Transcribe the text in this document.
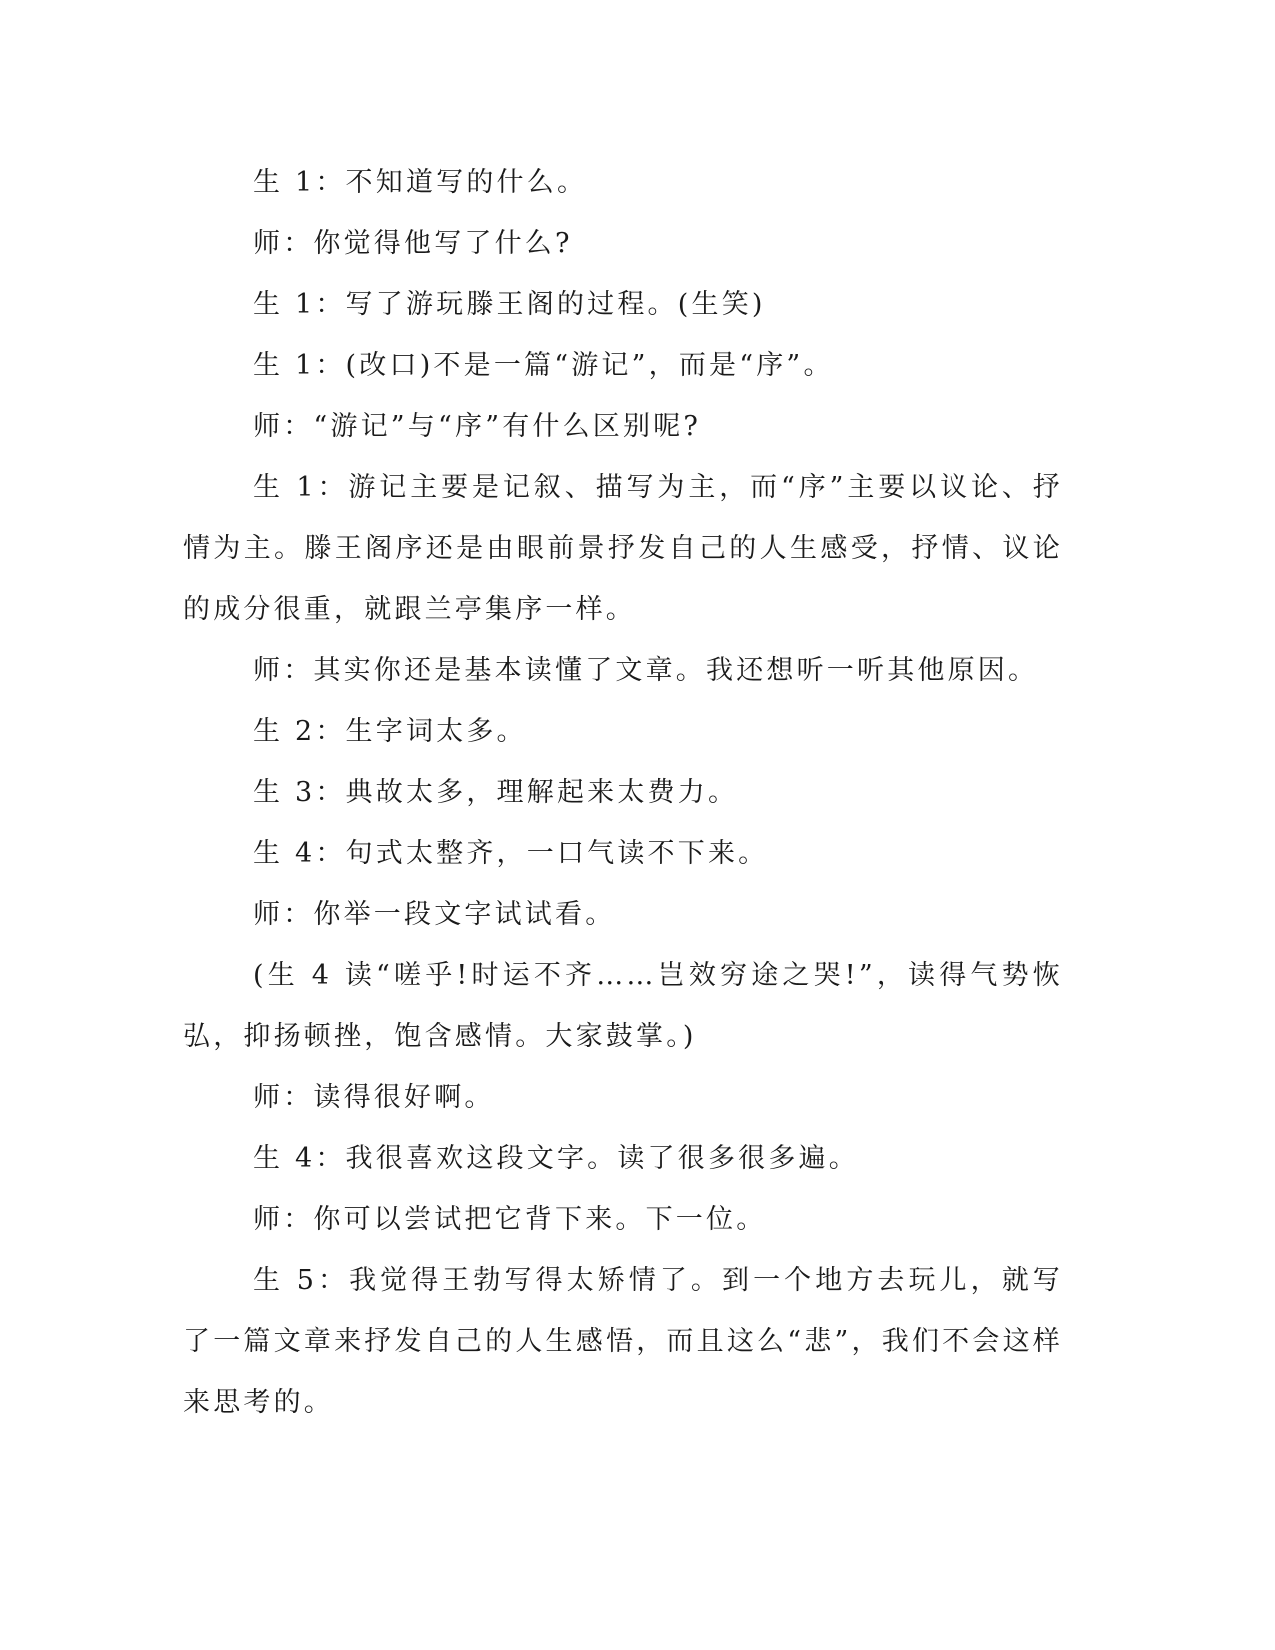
生 1：不知道写的什么。

师：你觉得他写了什么?

生 1：写了游玩滕王阁的过程。(生笑)

生 1：(改口)不是一篇“游记”，而是“序”。

师：“游记”与“序”有什么区别呢?

生 1：游记主要是记叙、描写为主，而“序”主要以议论、抒情为主。滕王阁序还是由眼前景抒发自己的人生感受，抒情、议论的成分很重，就跟兰亭集序一样。

师：其实你还是基本读懂了文章。我还想听一听其他原因。

生 2：生字词太多。

生 3：典故太多，理解起来太费力。

生 4：句式太整齐，一口气读不下来。

师：你举一段文字试试看。

(生 4 读“嗟乎!时运不齐……岂效穷途之哭!”，读得气势恢弘，抑扬顿挫，饱含感情。大家鼓掌。)

师：读得很好啊。

生 4：我很喜欢这段文字。读了很多很多遍。

师：你可以尝试把它背下来。下一位。

生 5：我觉得王勃写得太矫情了。到一个地方去玩儿，就写了一篇文章来抒发自己的人生感悟，而且这么“悲”，我们不会这样来思考的。
